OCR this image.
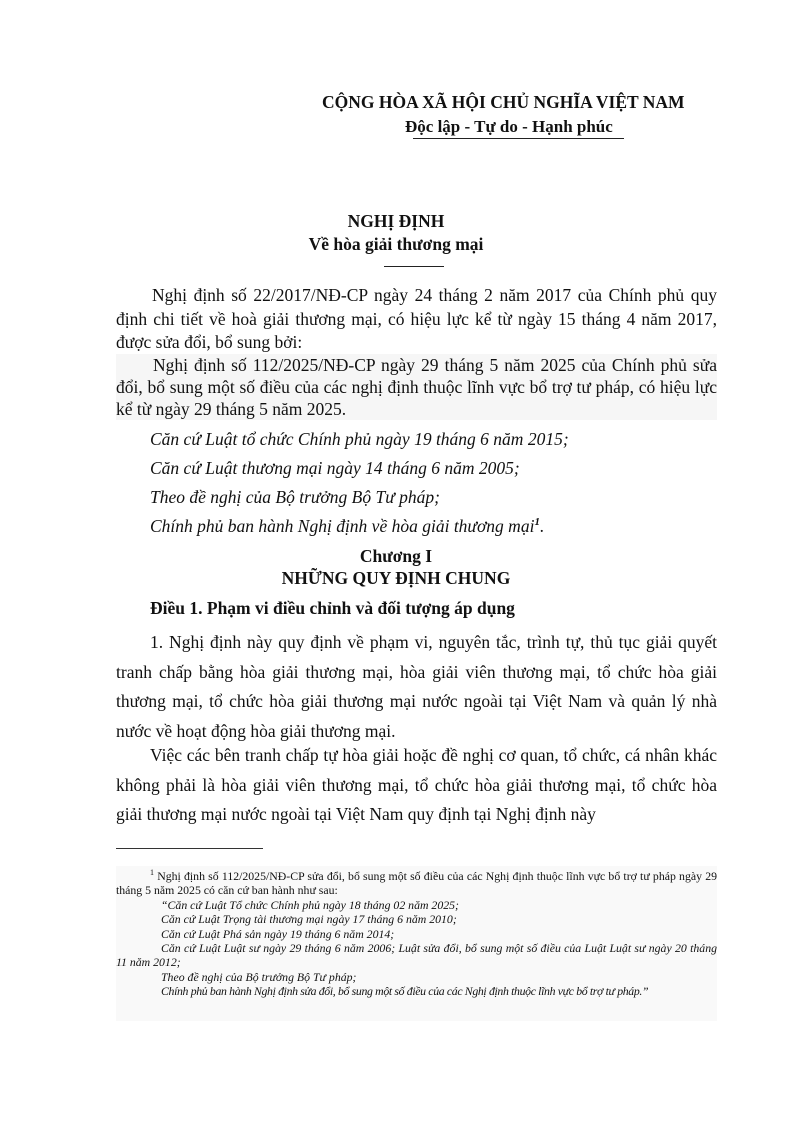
CỘNG HÒA XÃ HỘI CHỦ NGHĨA VIỆT NAM
Độc lập - Tự do - Hạnh phúc
NGHỊ ĐỊNH
Về hòa giải thương mại

Nghị định số 22/2017/NĐ-CP ngày 24 tháng 2 năm 2017 của Chính phủ quy định chi tiết về hoà giải thương mại, có hiệu lực kể từ ngày 15 tháng 4 năm 2017, được sửa đổi, bổ sung bởi:

Nghị định số 112/2025/NĐ-CP ngày 29 tháng 5 năm 2025 của Chính phủ sửa đổi, bổ sung một số điều của các nghị định thuộc lĩnh vực bổ trợ tư pháp, có hiệu lực kể từ ngày 29 tháng 5 năm 2025.

Căn cứ Luật tổ chức Chính phủ ngày 19 tháng 6 năm 2015;
Căn cứ Luật thương mại ngày 14 tháng 6 năm 2005;
Theo đề nghị của Bộ trưởng Bộ Tư pháp;
Chính phủ ban hành Nghị định về hòa giải thương mại$^1$.
Chương I
NHỮNG QUY ĐỊNH CHUNG
Điều 1. Phạm vi điều chỉnh và đối tượng áp dụng

1. Nghị định này quy định về phạm vi, nguyên tắc, trình tự, thủ tục giải quyết tranh chấp bằng hòa giải thương mại, hòa giải viên thương mại, tổ chức hòa giải thương mại, tổ chức hòa giải thương mại nước ngoài tại Việt Nam và quản lý nhà nước về hoạt động hòa giải thương mại.

Việc các bên tranh chấp tự hòa giải hoặc đề nghị cơ quan, tổ chức, cá nhân khác không phải là hòa giải viên thương mại, tổ chức hòa giải thương mại, tổ chức hòa giải thương mại nước ngoài tại Việt Nam quy định tại Nghị định này

$^1$ Nghị định số 112/2025/NĐ-CP sửa đổi, bổ sung một số điều của các Nghị định thuộc lĩnh vực bổ trợ tư pháp ngày 29 tháng 5 năm 2025 có căn cứ ban hành như sau:

“Căn cứ Luật Tổ chức Chính phủ ngày 18 tháng 02 năm 2025;

Căn cứ Luật Trọng tài thương mại ngày 17 tháng 6 năm 2010;

Căn cứ Luật Phá sản ngày 19 tháng 6 năm 2014;

Căn cứ Luật Luật sư ngày 29 tháng 6 năm 2006; Luật sửa đổi, bổ sung một số điều của Luật Luật sư ngày 20 tháng 11 năm 2012;

Theo đề nghị của Bộ trưởng Bộ Tư pháp;

Chính phủ ban hành Nghị định sửa đổi, bổ sung một số điều của các Nghị định thuộc lĩnh vực bổ trợ tư pháp.”
